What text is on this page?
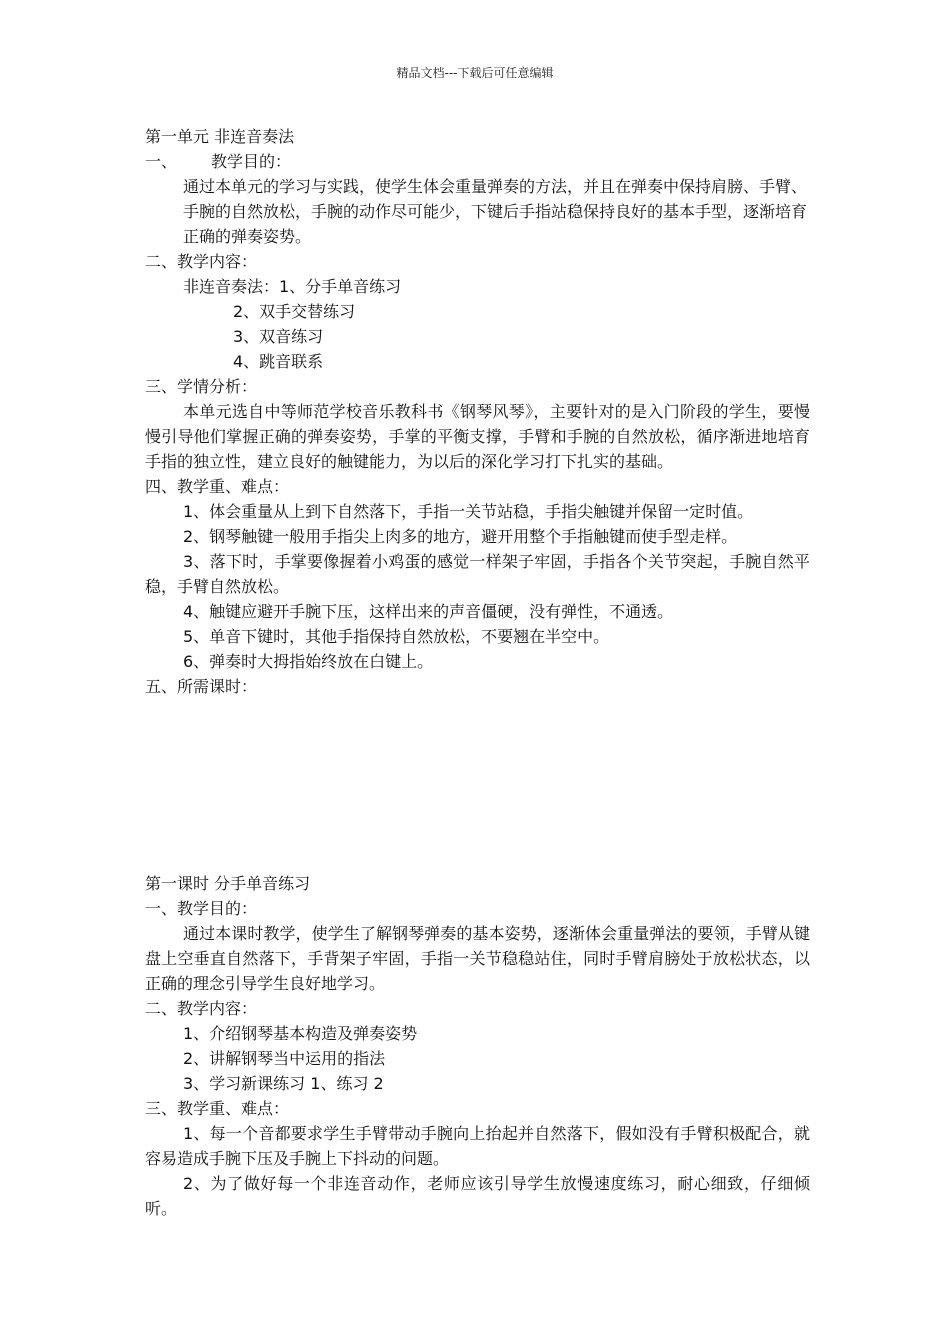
精品文档---下载后可任意编辑
第一单元 非连音奏法
一、 教学目的：
通过本单元的学习与实践，使学生体会重量弹奏的方法，并且在弹奏中保持肩膀、手臂、手腕的自然放松，手腕的动作尽可能少，下键后手指站稳保持良好的基本手型，逐渐培育正确的弹奏姿势。
二、教学内容：
非连音奏法：1、分手单音练习
2、双手交替练习
3、双音练习
4、跳音联系
三、学情分析：
本单元选自中等师范学校音乐教科书《钢琴风琴》，主要针对的是入门阶段的学生，要慢慢引导他们掌握正确的弹奏姿势，手掌的平衡支撑，手臂和手腕的自然放松，循序渐进地培育手指的独立性，建立良好的触键能力，为以后的深化学习打下扎实的基础。
四、教学重、难点：
1、体会重量从上到下自然落下，手指一关节站稳，手指尖触键并保留一定时值。
2、钢琴触键一般用手指尖上肉多的地方，避开用整个手指触键而使手型走样。
3、落下时，手掌要像握着小鸡蛋的感觉一样架子牢固，手指各个关节突起，手腕自然平稳，手臂自然放松。
4、触键应避开手腕下压，这样出来的声音僵硬，没有弹性，不通透。
5、单音下键时，其他手指保持自然放松，不要翘在半空中。
6、弹奏时大拇指始终放在白键上。
五、所需课时：
第一课时 分手单音练习
一、教学目的：
通过本课时教学，使学生了解钢琴弹奏的基本姿势，逐渐体会重量弹法的要领，手臂从键盘上空垂直自然落下，手背架子牢固，手指一关节稳稳站住，同时手臂肩膀处于放松状态，以正确的理念引导学生良好地学习。
二、教学内容：
1、介绍钢琴基本构造及弹奏姿势
2、讲解钢琴当中运用的指法
3、学习新课练习 1、练习 2
三、教学重、难点：
1、每一个音都要求学生手臂带动手腕向上抬起并自然落下，假如没有手臂积极配合，就容易造成手腕下压及手腕上下抖动的问题。
2、为了做好每一个非连音动作，老师应该引导学生放慢速度练习，耐心细致，仔细倾听。
